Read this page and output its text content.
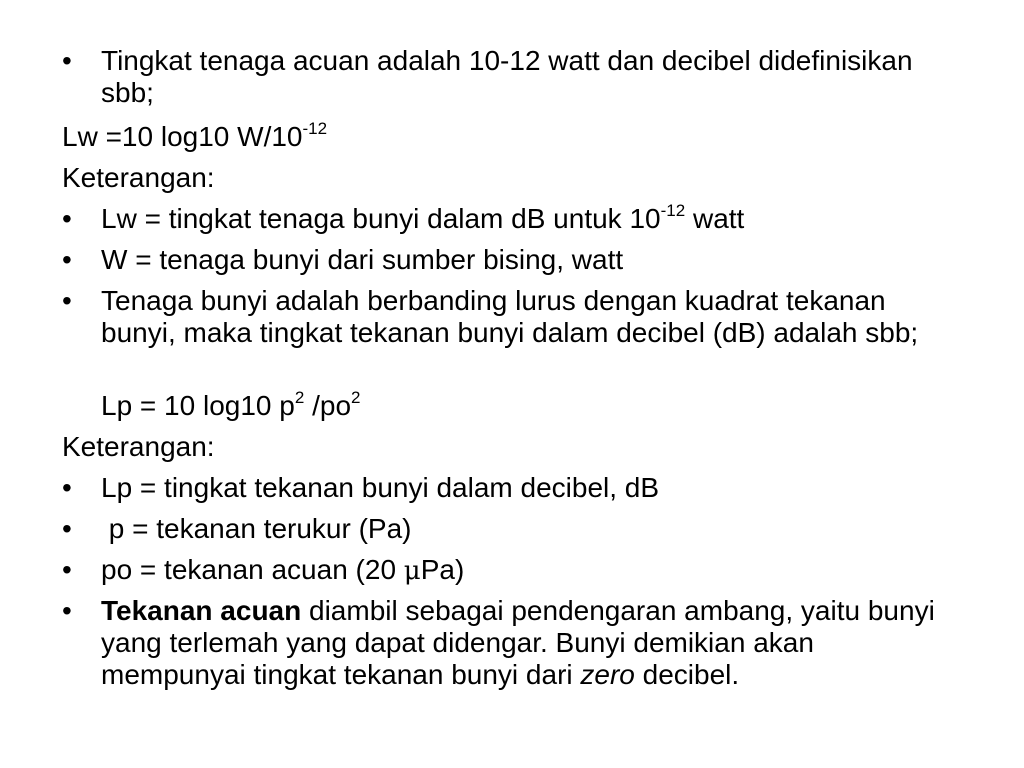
•	Tingkat tenaga acuan adalah 10-12 watt dan decibel didefinisikan sbb;
Lw =10 log10 $W/10^{-12}$
Keterangan:
•	Lw = tingkat tenaga bunyi dalam dB untuk $10^{-12}$ watt
•	W = tenaga bunyi dari sumber bising, watt
•	Tenaga bunyi adalah berbanding lurus dengan kuadrat tekanan bunyi, maka tingkat tekanan bunyi dalam decibel (dB) adalah sbb;
Lp = 10 log10 $p^2$ $/po^2$
Keterangan:
•	Lp = tingkat tekanan bunyi dalam decibel, dB
•	p = tekanan terukur (Pa)
•	po = tekanan acuan (20 μPa)
•	Tekanan acuan diambil sebagai pendengaran ambang, yaitu bunyi yang terlemah yang dapat didengar. Bunyi demikian akan mempunyai tingkat tekanan bunyi dari zero decibel.
